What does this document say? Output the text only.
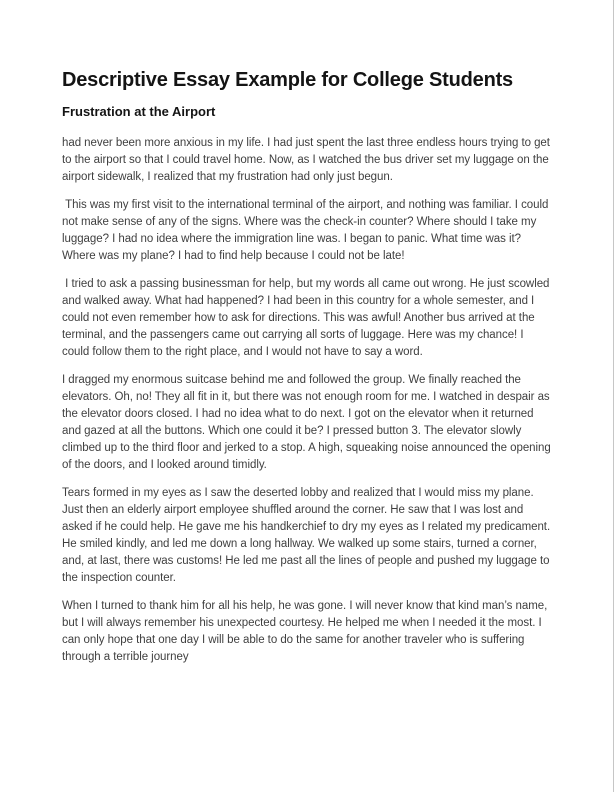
Descriptive Essay Example for College Students
Frustration at the Airport

had never been more anxious in my life. I had just spent the last three endless hours trying to get to the airport so that I could travel home. Now, as I watched the bus driver set my luggage on the airport sidewalk, I realized that my frustration had only just begun.

This was my first visit to the international terminal of the airport, and nothing was familiar. I could not make sense of any of the signs. Where was the check-in counter? Where should I take my luggage? I had no idea where the immigration line was. I began to panic. What time was it? Where was my plane? I had to find help because I could not be late!

I tried to ask a passing businessman for help, but my words all came out wrong. He just scowled and walked away. What had happened? I had been in this country for a whole semester, and I could not even remember how to ask for directions. This was awful! Another bus arrived at the terminal, and the passengers came out carrying all sorts of luggage. Here was my chance! I could follow them to the right place, and I would not have to say a word.

I dragged my enormous suitcase behind me and followed the group. We finally reached the elevators. Oh, no! They all fit in it, but there was not enough room for me. I watched in despair as the elevator doors closed. I had no idea what to do next. I got on the elevator when it returned and gazed at all the buttons. Which one could it be? I pressed button 3. The elevator slowly climbed up to the third floor and jerked to a stop. A high, squeaking noise announced the opening of the doors, and I looked around timidly.

Tears formed in my eyes as I saw the deserted lobby and realized that I would miss my plane. Just then an elderly airport employee shuffled around the corner. He saw that I was lost and asked if he could help. He gave me his handkerchief to dry my eyes as I related my predicament. He smiled kindly, and led me down a long hallway. We walked up some stairs, turned a corner, and, at last, there was customs! He led me past all the lines of people and pushed my luggage to the inspection counter.

When I turned to thank him for all his help, he was gone. I will never know that kind man’s name, but I will always remember his unexpected courtesy. He helped me when I needed it the most. I can only hope that one day I will be able to do the same for another traveler who is suffering through a terrible journey
